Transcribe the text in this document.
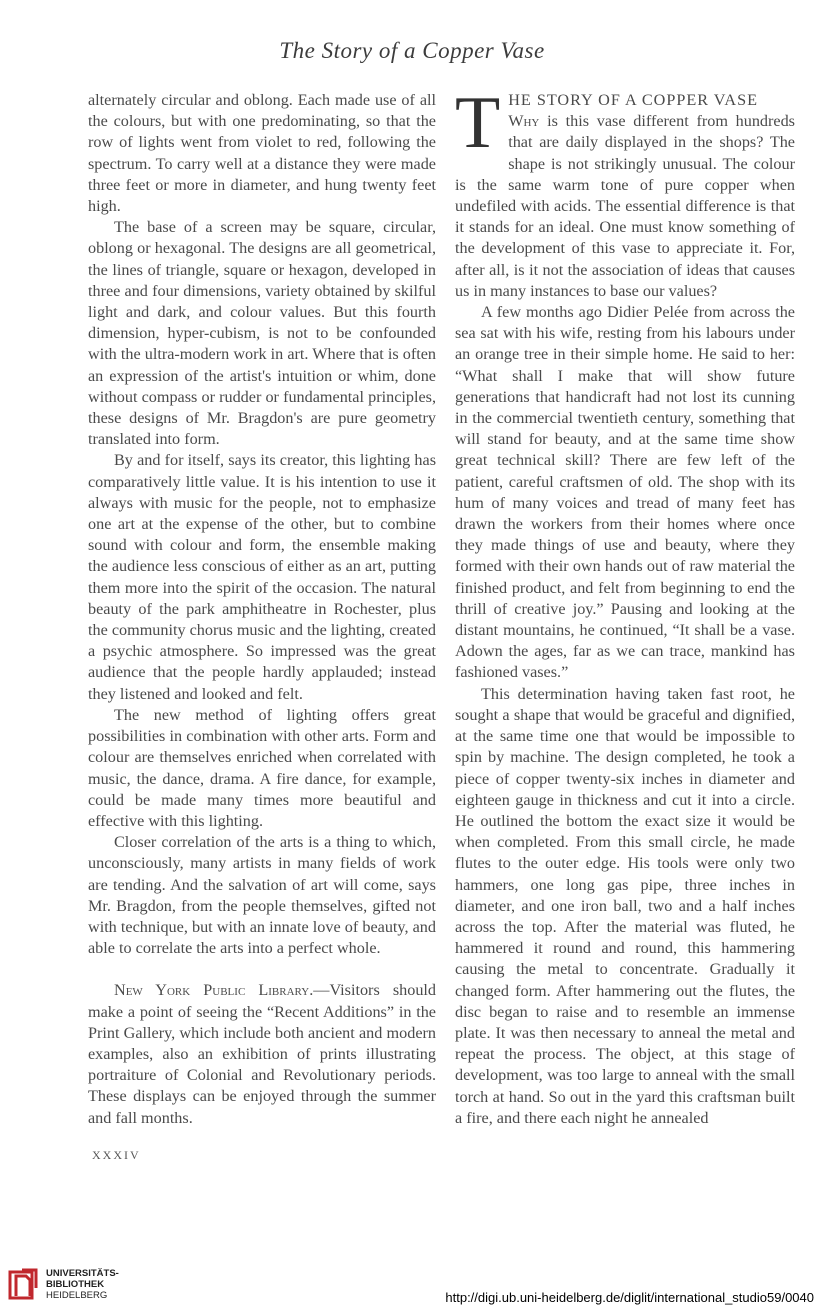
The Story of a Copper Vase

alternately circular and oblong. Each made use of all the colours, but with one predominating, so that the row of lights went from violet to red, following the spectrum. To carry well at a distance they were made three feet or more in diameter, and hung twenty feet high.

The base of a screen may be square, circular, oblong or hexagonal. The designs are all geometrical, the lines of triangle, square or hexagon, developed in three and four dimensions, variety obtained by skilful light and dark, and colour values. But this fourth dimension, hyper-cubism, is not to be confounded with the ultra-modern work in art. Where that is often an expression of the artist's intuition or whim, done without compass or rudder or fundamental principles, these designs of Mr. Bragdon's are pure geometry translated into form.

By and for itself, says its creator, this lighting has comparatively little value. It is his intention to use it always with music for the people, not to emphasize one art at the expense of the other, but to combine sound with colour and form, the ensemble making the audience less conscious of either as an art, putting them more into the spirit of the occasion. The natural beauty of the park amphitheatre in Rochester, plus the community chorus music and the lighting, created a psychic atmosphere. So impressed was the great audience that the people hardly applauded; instead they listened and looked and felt.

The new method of lighting offers great possibilities in combination with other arts. Form and colour are themselves enriched when correlated with music, the dance, drama. A fire dance, for example, could be made many times more beautiful and effective with this lighting.

Closer correlation of the arts is a thing to which, unconsciously, many artists in many fields of work are tending. And the salvation of art will come, says Mr. Bragdon, from the people themselves, gifted not with technique, but with an innate love of beauty, and able to correlate the arts into a perfect whole.

New York Public Library.—Visitors should make a point of seeing the “Recent Additions” in the Print Gallery, which include both ancient and modern examples, also an exhibition of prints illustrating portraiture of Colonial and Revolutionary periods. These displays can be enjoyed through the summer and fall months.

THE STORY OF A COPPER VASE
Why is this vase different from hundreds that are daily displayed in the shops? The shape is not strikingly unusual. The colour is the same warm tone of pure copper when undefiled with acids. The essential difference is that it stands for an ideal. One must know something of the development of this vase to appreciate it. For, after all, is it not the association of ideas that causes us in many instances to base our values?

A few months ago Didier Pelée from across the sea sat with his wife, resting from his labours under an orange tree in their simple home. He said to her: “What shall I make that will show future generations that handicraft had not lost its cunning in the commercial twentieth century, something that will stand for beauty, and at the same time show great technical skill? There are few left of the patient, careful craftsmen of old. The shop with its hum of many voices and tread of many feet has drawn the workers from their homes where once they made things of use and beauty, where they formed with their own hands out of raw material the finished product, and felt from beginning to end the thrill of creative joy.” Pausing and looking at the distant mountains, he continued, “It shall be a vase. Adown the ages, far as we can trace, mankind has fashioned vases.”

This determination having taken fast root, he sought a shape that would be graceful and dignified, at the same time one that would be impossible to spin by machine. The design completed, he took a piece of copper twenty-six inches in diameter and eighteen gauge in thickness and cut it into a circle. He outlined the bottom the exact size it would be when completed. From this small circle, he made flutes to the outer edge. His tools were only two hammers, one long gas pipe, three inches in diameter, and one iron ball, two and a half inches across the top. After the material was fluted, he hammered it round and round, this hammering causing the metal to concentrate. Gradually it changed form. After hammering out the flutes, the disc began to raise and to resemble an immense plate. It was then necessary to anneal the metal and repeat the process. The object, at this stage of development, was too large to anneal with the small torch at hand. So out in the yard this craftsman built a fire, and there each night he annealed

XXXIV
UNIVERSITÄTS-
BIBLIOTHEK
HEIDELBERG	http://digi.ub.uni-heidelberg.de/diglit/international_studio59/0040
